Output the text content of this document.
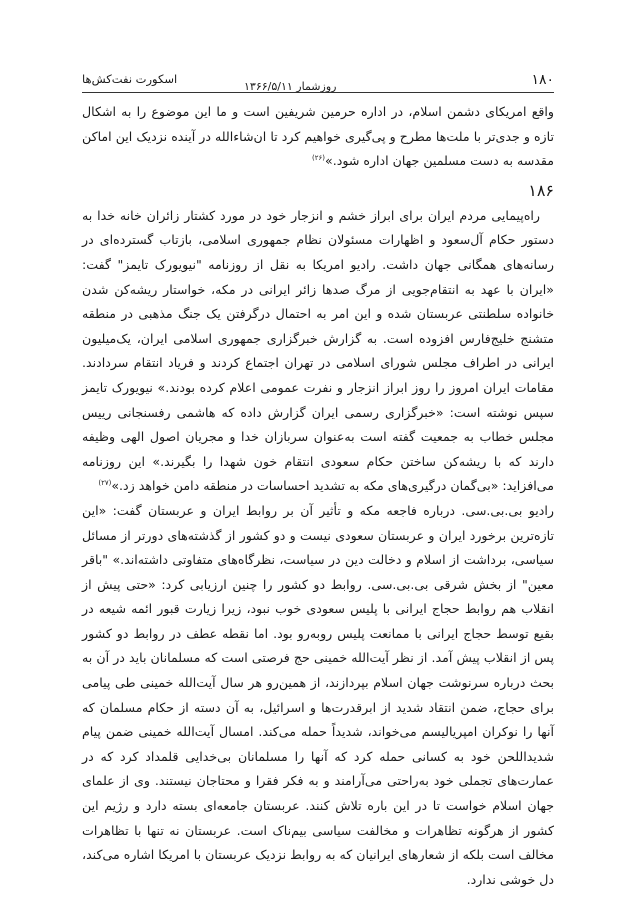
۱۸۰
روزشمار ۱۳۶۶/۵/۱۱
اسکورت نفت‌کش‌ها

واقع امریکای دشمن اسلام، در اداره حرمین شریفین است و ما این موضوع را به اشکال تازه و جدی‌تر با ملت‌ها مطرح و پی‌گیری خواهیم کرد تا ان‌شاءالله در آینده نزدیک این اماکن مقدسه به دست مسلمین جهان اداره شود.»$^{(۲۶)}$

۱۸۶

راه‌پیمایی مردم ایران برای ابراز خشم و انزجار خود در مورد کشتار زائران خانه خدا به دستور حکام آل‌سعود و اظهارات مسئولان نظام جمهوری اسلامی، بازتاب گسترده‌ای در رسانه‌های همگانی جهان داشت. رادیو امریکا به نقل از روزنامه "نیویورک تایمز" گفت: «ایران با عهد به انتقام‌جویی از مرگ صدها زائر ایرانی در مکه، خواستار ریشه‌کن شدن خانواده سلطنتی عربستان شده و این امر به احتمال درگرفتن یک جنگ مذهبی در منطقه متشنج خلیج‌فارس افزوده است. به گزارش خبرگزاری جمهوری اسلامی ایران، یک‌میلیون ایرانی در اطراف مجلس شورای اسلامی در تهران اجتماع کردند و فریاد انتقام سردادند. مقامات ایران امروز را روز ابراز انزجار و نفرت عمومی اعلام کرده بودند.» نیویورک تایمز سپس نوشته است: «خبرگزاری رسمی ایران گزارش داده که هاشمی رفسنجانی رییس مجلس خطاب به جمعیت گفته است به‌عنوان سربازان خدا و مجریان اصول الهی وظیفه دارند که با ریشه‌کن ساختن حکام سعودی انتقام خون شهدا را بگیرند.» این روزنامه می‌افزاید: «بی‌گمان درگیری‌های مکه به تشدید احساسات در منطقه دامن خواهد زد.»$^{(۲۷)}$

رادیو بی.بی.سی. درباره فاجعه مکه و تأثیر آن بر روابط ایران و عربستان گفت: «این تازه‌ترین برخورد ایران و عربستان سعودی نیست و دو کشور از گذشته‌های دورتر از مسائل سیاسی، برداشت از اسلام و دخالت دین در سیاست، نظرگاه‌های متفاوتی داشته‌اند.» "باقر معین" از بخش شرقی بی.بی.سی. روابط دو کشور را چنین ارزیابی کرد: «حتی پیش از انقلاب هم روابط حجاج ایرانی با پلیس سعودی خوب نبود، زیرا زیارت قبور ائمه شیعه در بقیع توسط حجاج ایرانی با ممانعت پلیس روبه‌رو بود. اما نقطه عطف در روابط دو کشور پس از انقلاب پیش آمد. از نظر آیت‌الله خمینی حج فرصتی است که مسلمانان باید در آن به بحث درباره سرنوشت جهان اسلام بپردازند، از همین‌رو هر سال آیت‌الله خمینی طی پیامی برای حجاج، ضمن انتقاد شدید از ابرقدرت‌ها و اسرائیل، به آن دسته از حکام مسلمان که آنها را نوکران امپریالیسم می‌خواند، شدیداً حمله می‌کند. امسال آیت‌الله خمینی ضمن پیام شدیداللحن خود به کسانی حمله کرد که آنها را مسلمانان بی‌خدایی قلمداد کرد که در عمارت‌های تجملی خود به‌راحتی می‌آرامند و به فکر فقرا و محتاجان نیستند. وی از علمای جهان اسلام خواست تا در این باره تلاش کنند. عربستان جامعه‌ای بسته دارد و رژیم این کشور از هرگونه تظاهرات و مخالفت سیاسی بیم‌ناک است. عربستان نه تنها با تظاهرات مخالف است بلکه از شعارهای ایرانیان که به روابط نزدیک عربستان با امریکا اشاره می‌کند، دل خوشی ندارد.
